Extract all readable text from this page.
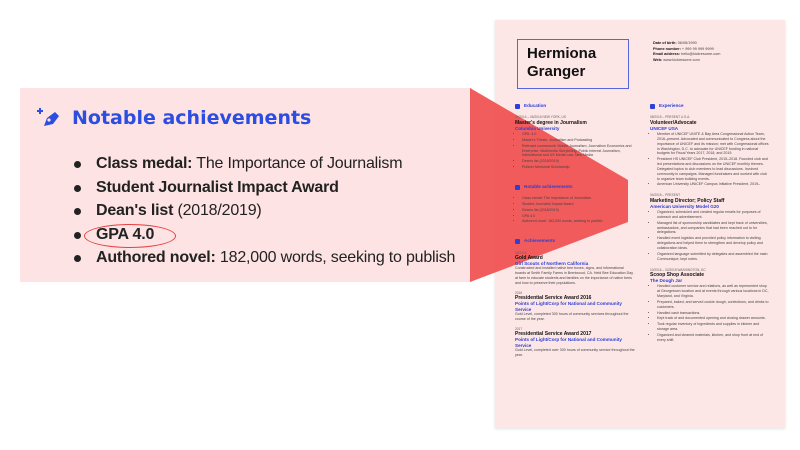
Hermiona
Granger
Date of birth: 06/06/1990
Phone number: + 999 99 999 9999
Email address: hello@kickresume.com
Web: www.kickresume.com
Education
09/2014 – 06/2016 NEW YORK, US
Master's degree in Journalism
Columbia University
• GPA: 4.0
• Master's Thesis: Journalism and Podcasting
• Relevant coursework: Mobile Journalism, Journalism Economics and Enterprise, Multimedia Storytelling, Public Interest Journalism, International and US Media Law, New Media
• Dean's list (2018/2019)
• Pulitzer Memorial Scholarship
Notable achievements
• Class medal: The Importance of Journalism
• Student Journalist Impact Award
• Dean's list (2018/2019)
• GPA 4.0
• Authored novel: 182,000 words, seeking to publish
Achievements
08/2016
Gold Award
Girl Scouts of Northern California
Constructed and installed native bee boxes, signs, and informational boards at Smith Family Farms in Brentwood, CA. Held Bee Education Day at farm to educate students and families on the importance of native bees and how to preserve their populations.
2016
Presidential Service Award 2016
Points of Light/Corp for National and Community Service
Gold Level, completed 300 hours of community services throughout the course of the year.
2017
Presidential Service Award 2017
Points of Light/Corp for National and Community Service
Gold Level, completed over 300 hours of community service throughout the year.
Experience
08/2015 – PRESENT U.S.A.
Volunteer/Advocate
UNICEF USA
• Member of UNICEF UNITE & Bay Area Congressional Action Team, 2016–present. Advocated and communicated to Congress about the importance of UNICEF and its mission; met with Congressional offices in Washington, D.C. to advocate for UNICEF funding in national budgets for Fiscal Years 2017, 2018, and 2019.
• President HS UNICEF Club President, 2015–2018. Founded club and led presentations and discussions on the UNICEF monthly themes. Delegated topics to club members to lead discussions. Involved community in campaigns. Managed fundraisers and worked with club to organize team building events.
• American University UNICEF Campus Initiative President, 2019–
04/2018 – PRESENT
Marketing Director; Policy Staff
American University Model G20
• Organized, scheduled and created regular emails for purposes of outreach and advertisement.
• Managed list of sponsorship candidates and kept track of universities, ambassadors, and companies that had been reached out to for delegations.
• Handled event logistics and provided policy information to visiting delegations and helped them to strengthen and develop policy and collaboration ideas.
• Organized language submitted by delegates and assembled the main Communique; kept notes.
10/2016 – 02/2018 WASHINGTON, DC
Scoop Shop Associate
The Dough Jar
• Handled customer service and relations, as well as represented shop at Georgetown location and at events through various locations in DC, Maryland, and Virginia.
• Prepared, baked, and served cookie dough, confections, and drinks to customers.
• Handled cash transactions.
• Kept track of and documented opening and closing drawer amounts.
• Took regular inventory of ingredients and supplies in kitchen and storage area.
• Organized and cleaned materials, kitchen, and shop front at end of every shift.
Notable achievements
Class medal: The Importance of Journalism
Student Journalist Impact Award
Dean's list (2018/2019)
GPA 4.0
Authored novel: 182,000 words, seeking to publish
